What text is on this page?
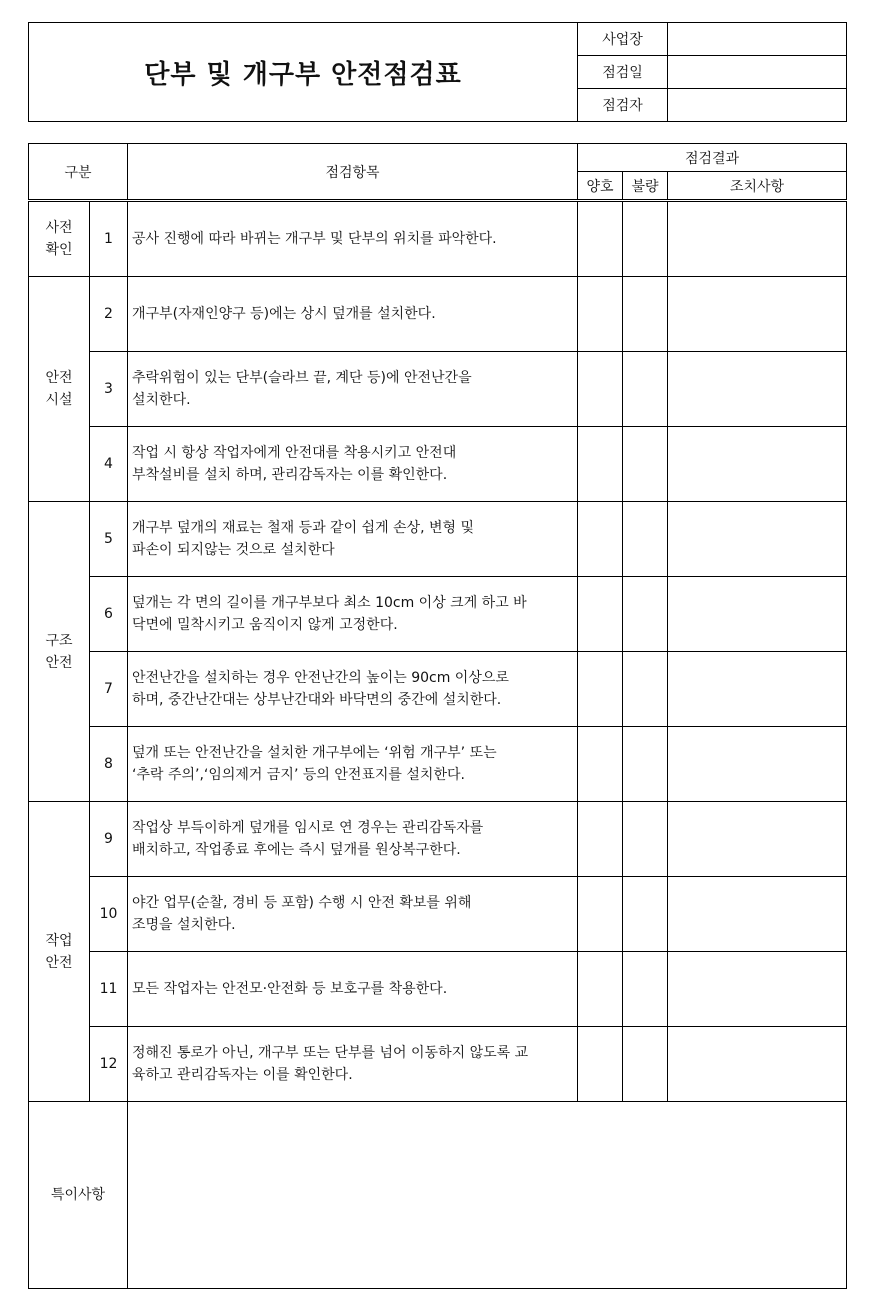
단부 및 개구부 안전점검표	사업장	
	점검일	
	점검자	
구분		점검항목	점검결과		
			양호	불량	조치사항
사전
확인	1	공사 진행에 따라 바뀌는 개구부 및 단부의 위치를 파악한다.

안전
시설	2	개구부(자재인양구 등)에는 상시 덮개를 설치한다.

	3	추락위험이 있는 단부(슬라브 끝, 계단 등)에 안전난간을
설치한다.			
	4	작업 시 항상 작업자에게 안전대를 착용시키고 안전대
부착설비를 설치 하며, 관리감독자는 이를 확인한다.			
구조
안전	5	개구부 덮개의 재료는 철재 등과 같이 쉽게 손상, 변형 및
파손이 되지않는 것으로 설치한다			
	6	덮개는 각 면의 길이를 개구부보다 최소 10cm 이상 크게 하고 바
닥면에 밀착시키고 움직이지 않게 고정한다.			
	7	안전난간을 설치하는 경우 안전난간의 높이는 90cm 이상으로
하며, 중간난간대는 상부난간대와 바닥면의 중간에 설치한다.			
	8	덮개 또는 안전난간을 설치한 개구부에는 ‘위험 개구부’ 또는
‘추락 주의’,‘임의제거 금지’ 등의 안전표지를 설치한다.			
작업
안전	9	작업상 부득이하게 덮개를 임시로 연 경우는 관리감독자를
배치하고, 작업종료 후에는 즉시 덮개를 원상복구한다.			
	10	야간 업무(순찰, 경비 등 포함) 수행 시 안전 확보를 위해
조명을 설치한다.			
	11	모든 작업자는 안전모·안전화 등 보호구를 착용한다.

	12	정해진 통로가 아닌, 개구부 또는 단부를 넘어 이동하지 않도록 교
육하고 관리감독자는 이를 확인한다.			
특이사항					
